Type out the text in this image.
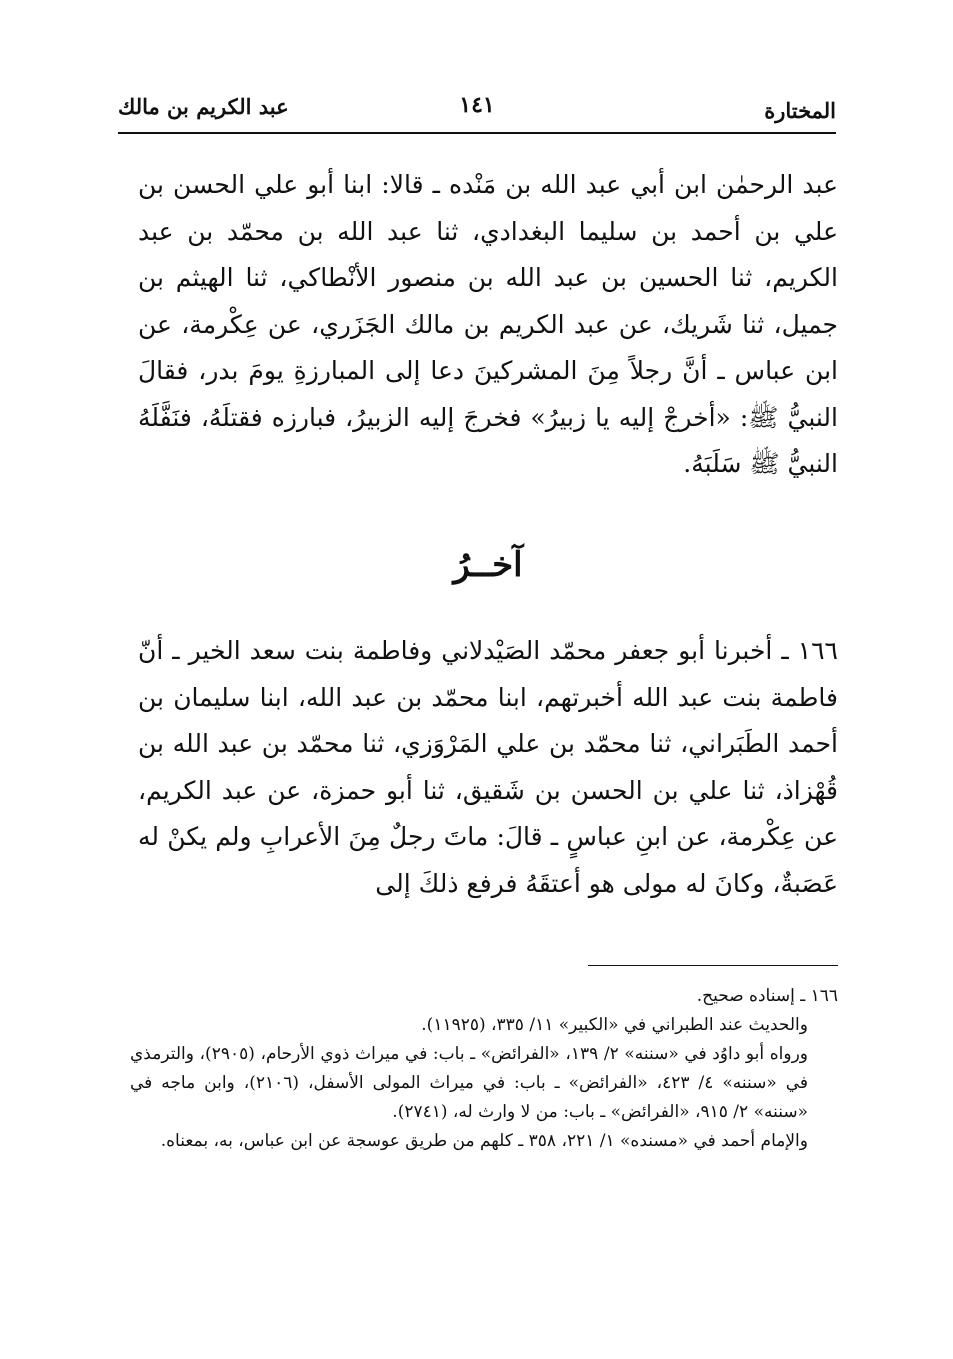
المختارة
١٤١
عبد الكريم بن مالك
عبد الرحمٰن ابن أبي عبد الله بن مَنْده ـ قالا: ابنا أبو علي الحسن بن علي بن أحمد بن سليما البغدادي، ثنا عبد الله بن محمّد بن عبد الكريم، ثنا الحسين بن عبد الله بن منصور الأنْطاكي، ثنا الهيثم بن جميل، ثنا شَريك، عن عبد الكريم بن مالك الجَزَري، عن عِكْرمة، عن ابن عباس ـ أنَّ رجلاً مِنَ المشركينَ دعا إلى المبارزةِ يومَ بدر، فقالَ النبيُّ ﷺ: «أخرجْ إليه يا زبيرُ» فخرجَ إليه الزبيرُ، فبارزه فقتلَهُ، فنَفَّلَهُ النبيُّ ﷺ سَلَبَهُ.
آخــرُ
١٦٦ ـ أخبرنا أبو جعفر محمّد الصَيْدلاني وفاطمة بنت سعد الخير ـ أنّ فاطمة بنت عبد الله أخبرتهم، ابنا محمّد بن عبد الله، ابنا سليمان بن أحمد الطَبَراني، ثنا محمّد بن علي المَرْوَزي، ثنا محمّد بن عبد الله بن قُهْزاذ، ثنا علي بن الحسن بن شَقيق، ثنا أبو حمزة، عن عبد الكريم، عن عِكْرمة، عن ابنِ عباسٍ ـ قالَ: ماتَ رجلٌ مِنَ الأعرابِ ولم يكنْ له عَصَبةٌ، وكانَ له مولى هو أعتقَهُ فرفع ذلكَ إلى
١٦٦ ـ إسناده صحيح.
والحديث عند الطبراني في «الكبير» ١١/ ٣٣٥، (١١٩٢٥).
ورواه أبو داوُد في «سننه» ٢/ ١٣٩، «الفرائض» ـ باب: في ميراث ذوي الأرحام، (٢٩٠٥)، والترمذي في «سننه» ٤/ ٤٢٣، «الفرائض» ـ باب: في ميراث المولى الأسفل، (٢١٠٦)، وابن ماجه في «سننه» ٢/ ٩١٥، «الفرائض» ـ باب: من لا وارث له، (٢٧٤١).
والإمام أحمد في «مسنده» ١/ ٢٢١، ٣٥٨ ـ كلهم من طريق عوسجة عن ابن عباس، به، بمعناه.
